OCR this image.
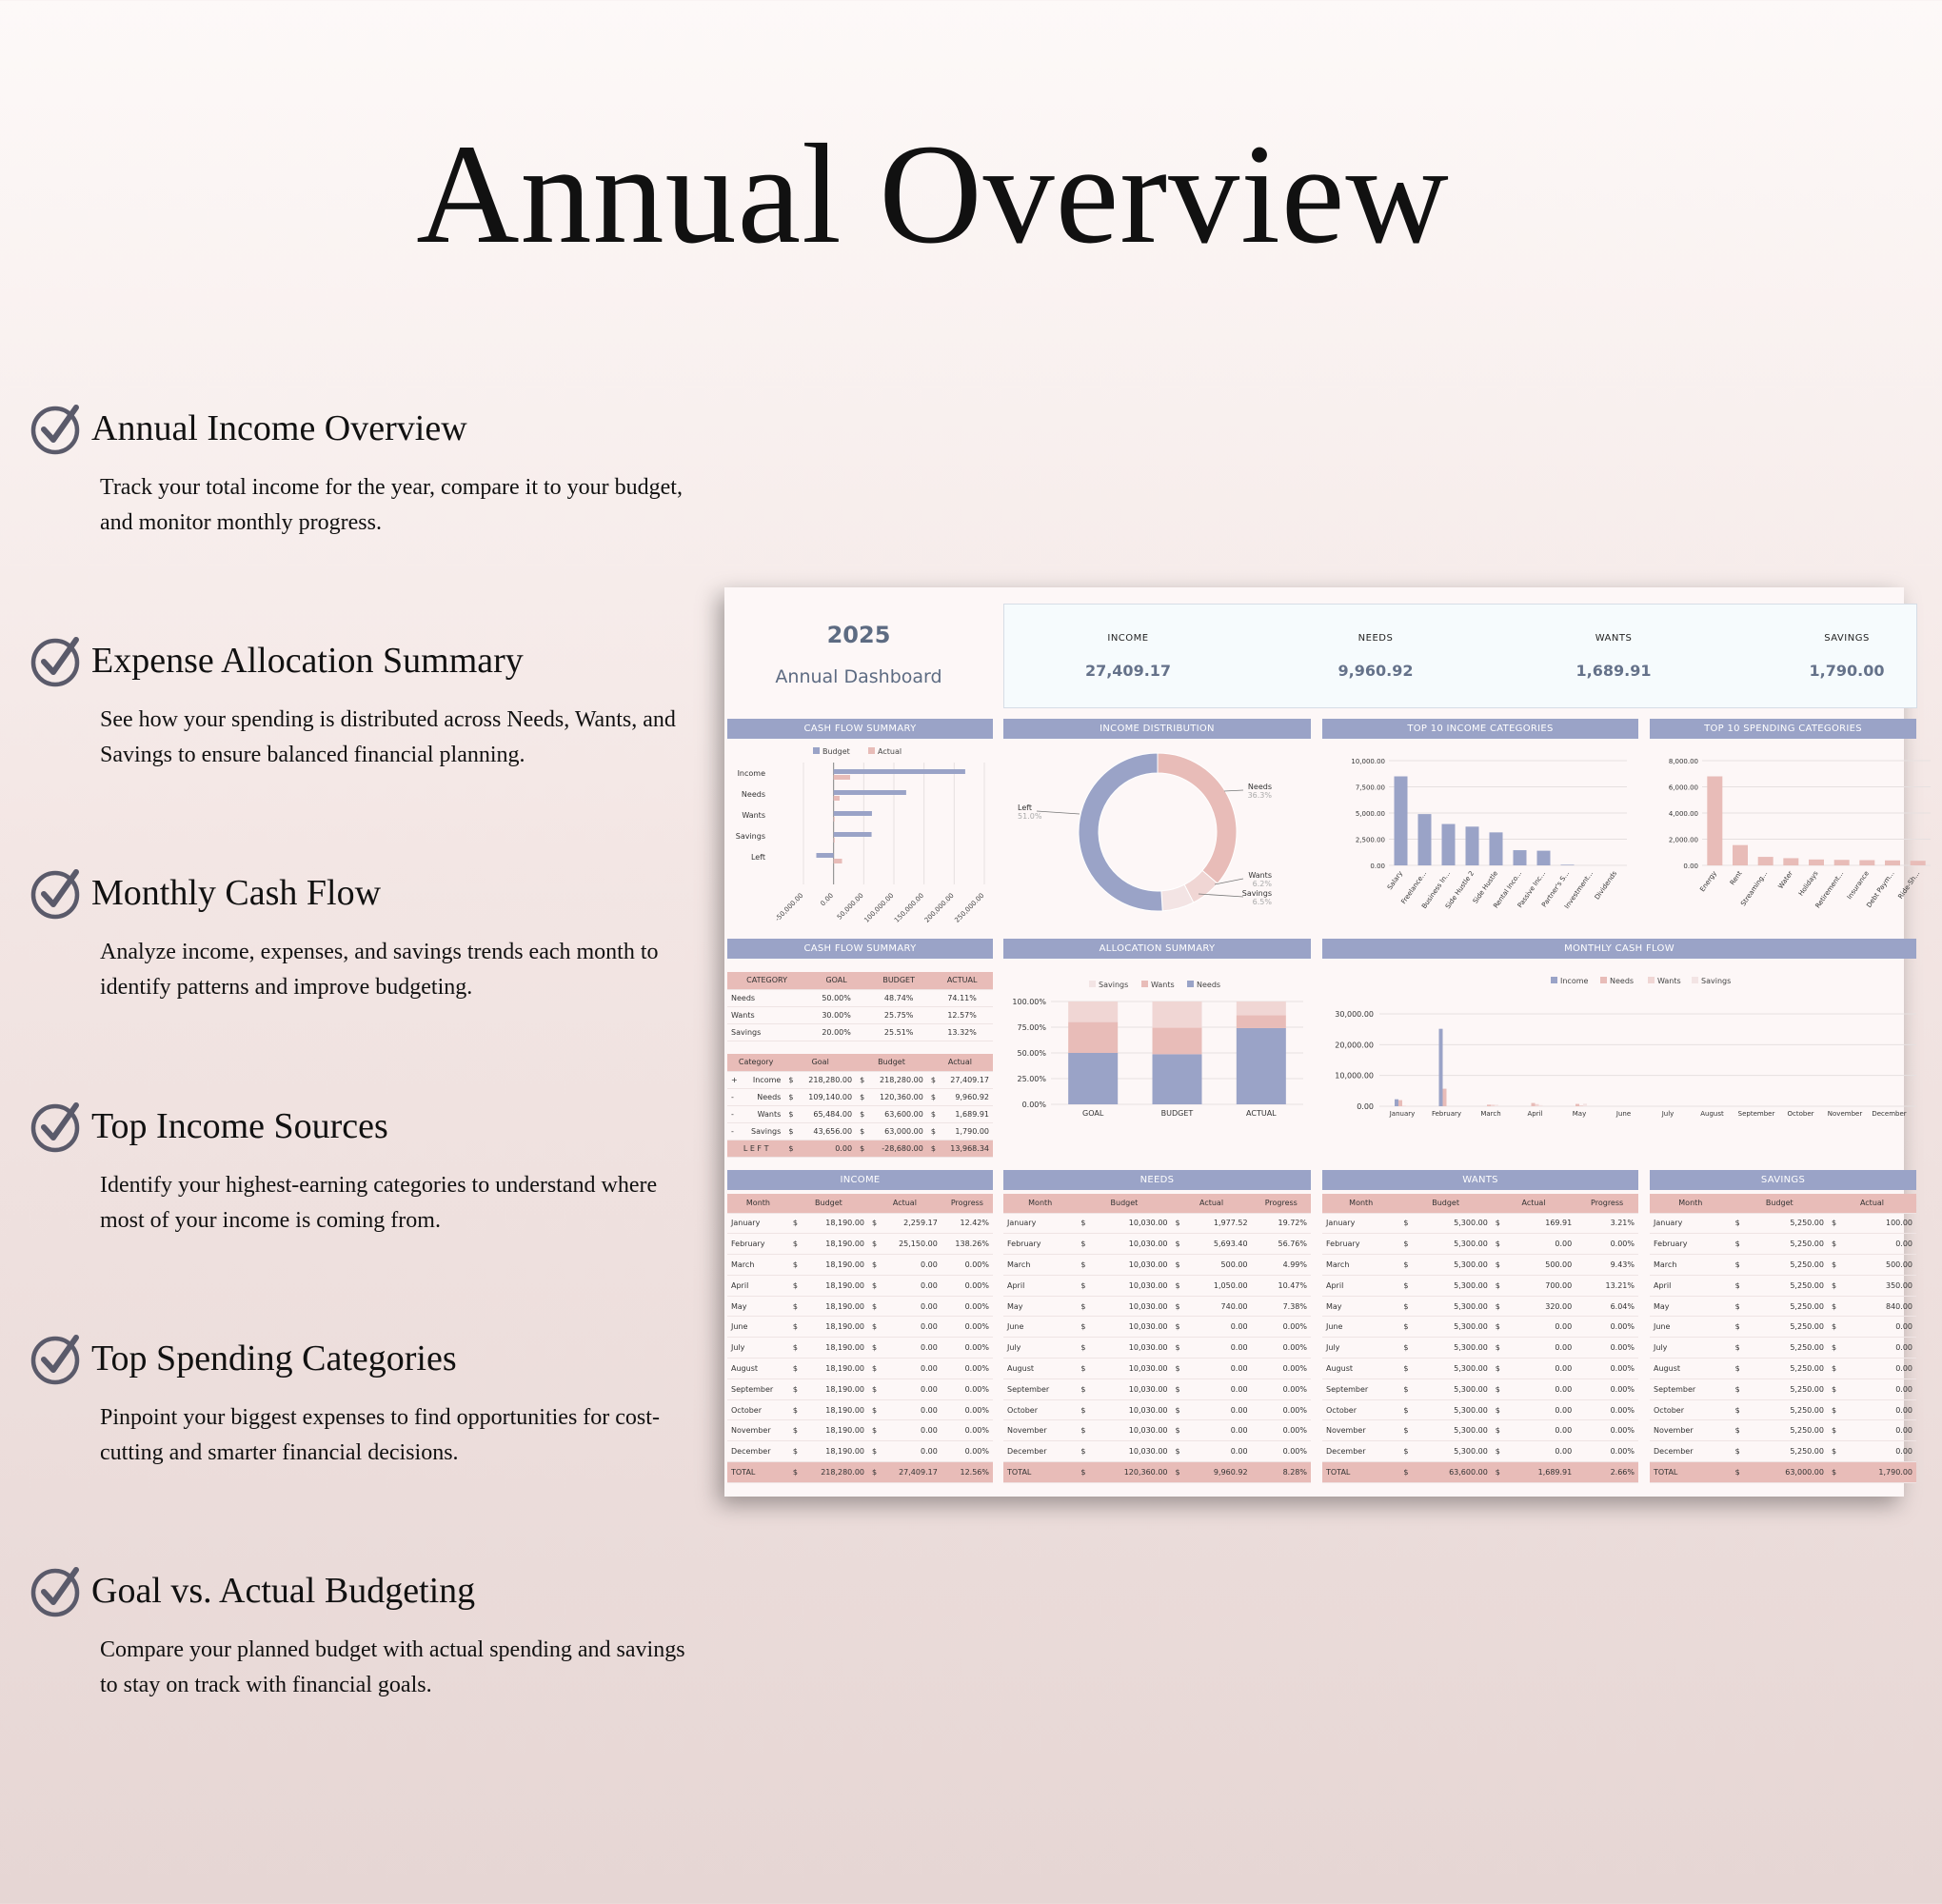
Annual Overview
Annual Income Overview
Track your total income for the year, compare it to your budget, and monitor monthly progress.
Expense Allocation Summary
See how your spending is distributed across Needs, Wants, and Savings to ensure balanced financial planning.
Monthly Cash Flow
Analyze income, expenses, and savings trends each month to identify patterns and improve budgeting.
Top Income Sources
Identify your highest-earning categories to understand where most of your income is coming from.
Top Spending Categories
Pinpoint your biggest expenses to find opportunities for cost-cutting and smarter financial decisions.
Goal vs. Actual Budgeting
Compare your planned budget with actual spending and savings to stay on track with financial goals.
2025
Annual Dashboard
INCOME
27,409.17
NEEDS
9,960.92
WANTS
1,689.91
SAVINGS
1,790.00
CASH FLOW SUMMARY	INCOME DISTRIBUTION	TOP 10 INCOME CATEGORIES	TOP 10 SPENDING CATEGORIES
Budget	Actual
-50,000.00 0.00 50,000.00
100,000.00
150,000.00
200,000.00
250,000.00
Income
Needs
Wants
Savings
Left
Needs
36.3%
Wants
6.2%
Savings
6.5%
Left
51.0%
10,000.00
7,500.00
5,000.00
2,500.00
0.00
Salary
Freelance...
Business In...
Side Hustle 2
Side Hustle
Rental Inco...
Passive Inc...
Partner's S...
Investment...
Dividends
8,000.00
6,000.00
4,000.00
2,000.00
0.00
Energy Rent
Streaming... Water Holidays
Retirement... Insurance
Debt Paym... Ride-Sh...
CASH FLOW SUMMARY	ALLOCATION SUMMARY	MONTHLY CASH FLOW
CATEGORY	GOAL	BUDGET	ACTUAL
Needs	50.00%	48.74%	74.11%
Wants	30.00%	25.75%	12.57%
Savings	20.00%	25.51%	13.32%
Category		Goal		Budget		Actual	
+	Income	$	218,280.00	$	218,280.00	$	27,409.17
-	Needs	$	109,140.00	$	120,360.00	$	9,960.92
-	Wants	$	65,484.00	$	63,600.00	$	1,689.91
-	Savings	$	43,656.00	$	63,000.00	$	1,790.00
L E F T		$	0.00	$	-28,680.00	$	13,968.34
Savings	Wants	Needs
100.00%
75.00%
50.00%
25.00%
0.00%
GOAL	BUDGET	ACTUAL
Income	Needs	Wants	Savings
30,000.00
20,000.00
10,000.00
0.00
January	February	March	April	May	June	July	August September October November December
INCOME	NEEDS	WANTS	SAVINGS
Month	Budget		Actual		Progress
January	$	18,190.00	$	2,259.17	12.42%
February	$	18,190.00	$	25,150.00	138.26%
March	$	18,190.00	$	0.00	0.00%
April	$	18,190.00	$	0.00	0.00%
May	$	18,190.00	$	0.00	0.00%
June	$	18,190.00	$	0.00	0.00%
July	$	18,190.00	$	0.00	0.00%
August	$	18,190.00	$	0.00	0.00%
September	$	18,190.00	$	0.00	0.00%
October	$	18,190.00	$	0.00	0.00%
November	$	18,190.00	$	0.00	0.00%
December	$	18,190.00	$	0.00	0.00%
TOTAL	$	218,280.00	$	27,409.17	12.56%
Month	Budget		Actual		Progress
January	$	10,030.00	$	1,977.52	19.72%
February	$	10,030.00	$	5,693.40	56.76%
March	$	10,030.00	$	500.00	4.99%
April	$	10,030.00	$	1,050.00	10.47%
May	$	10,030.00	$	740.00	7.38%
June	$	10,030.00	$	0.00	0.00%
July	$	10,030.00	$	0.00	0.00%
August	$	10,030.00	$	0.00	0.00%
September	$	10,030.00	$	0.00	0.00%
October	$	10,030.00	$	0.00	0.00%
November	$	10,030.00	$	0.00	0.00%
December	$	10,030.00	$	0.00	0.00%
TOTAL	$	120,360.00	$	9,960.92	8.28%
Month	Budget		Actual		Progress
January	$	5,300.00	$	169.91	3.21%
February	$	5,300.00	$	0.00	0.00%
March	$	5,300.00	$	500.00	9.43%
April	$	5,300.00	$	700.00	13.21%
May	$	5,300.00	$	320.00	6.04%
June	$	5,300.00	$	0.00	0.00%
July	$	5,300.00	$	0.00	0.00%
August	$	5,300.00	$	0.00	0.00%
September	$	5,300.00	$	0.00	0.00%
October	$	5,300.00	$	0.00	0.00%
November	$	5,300.00	$	0.00	0.00%
December	$	5,300.00	$	0.00	0.00%
TOTAL	$	63,600.00	$	1,689.91	2.66%
Month	Budget		Actual	
January	$	5,250.00	$	100.00
February	$	5,250.00	$	0.00
March	$	5,250.00	$	500.00
April	$	5,250.00	$	350.00
May	$	5,250.00	$	840.00
June	$	5,250.00	$	0.00
July	$	5,250.00	$	0.00
August	$	5,250.00	$	0.00
September	$	5,250.00	$	0.00
October	$	5,250.00	$	0.00
November	$	5,250.00	$	0.00
December	$	5,250.00	$	0.00
TOTAL	$	63,000.00	$	1,790.00
